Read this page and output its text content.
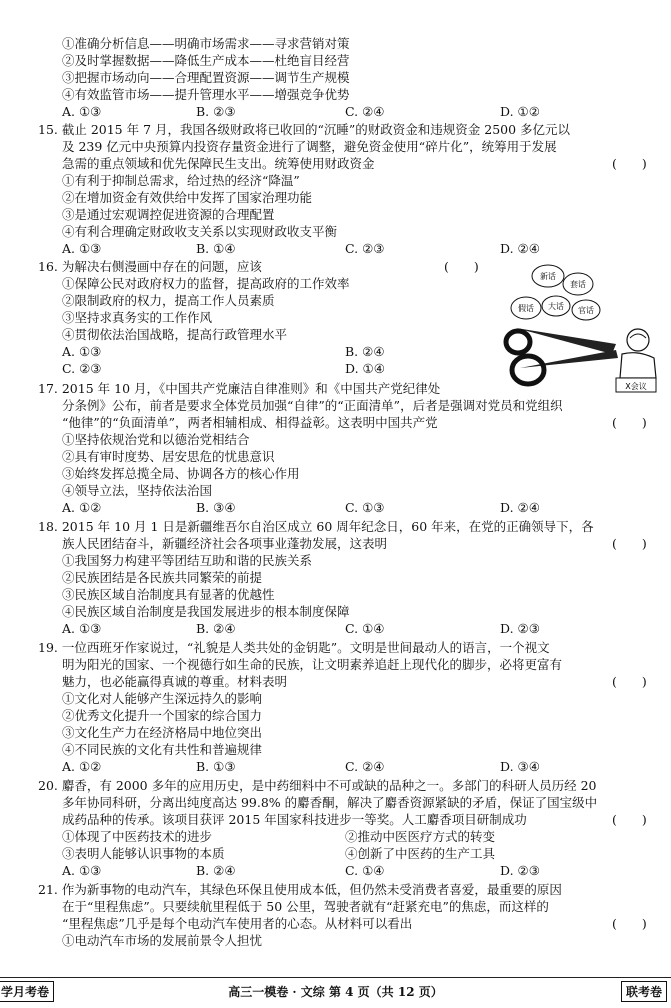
①准确分析信息——明确市场需求——寻求营销对策
②及时掌握数据——降低生产成本——杜绝盲目经营
③把握市场动向——合理配置资源——调节生产规模
④有效监管市场——提升管理水平——增强竞争优势
A. ①③	B. ②③	C. ②④	D. ①②
15. 截止 2015 年 7 月，我国各级财政将已收回的“沉睡”的财政资金和违规资金 2500 多亿元以
及 239 亿元中央预算内投资存量资金进行了调整，避免资金使用“碎片化”，统筹用于发展
急需的重点领域和优先保障民生支出。统筹使用财政资金	(　　)
①有利于抑制总需求，给过热的经济“降温”
②在增加资金有效供给中发挥了国家治理功能
③是通过宏观调控促进资源的合理配置
④有利合理确定财政收支关系以实现财政收支平衡
A. ①③	B. ①④	C. ②③	D. ②④
16. 为解决右侧漫画中存在的问题，应该	(　　)
①保障公民对政府权力的监督，提高政府的工作效率
②限制政府的权力，提高工作人员素质
③坚持求真务实的工作作风
④贯彻依法治国战略，提高行政管理水平
A. ①③	B. ②④
C. ②③	D. ①④
新话
套话
官话
假话 大话
X会议
17. 2015 年 10 月，《中国共产党廉洁自律准则》和《中国共产党纪律处
分条例》公布，前者是要求全体党员加强“自律”的“正面清单”，后者是强调对党员和党组织
“他律”的“负面清单”，两者相辅相成、相得益彰。这表明中国共产党	(　　)
①坚持依规治党和以德治党相结合
②具有审时度势、居安思危的忧患意识
③始终发挥总揽全局、协调各方的核心作用
④领导立法，坚持依法治国
A. ①②	B. ③④	C. ①③	D. ②④
18. 2015 年 10 月 1 日是新疆维吾尔自治区成立 60 周年纪念日，60 年来，在党的正确领导下，各
族人民团结奋斗，新疆经济社会各项事业蓬勃发展，这表明	(　　)
①我国努力构建平等团结互助和谐的民族关系
②民族团结是各民族共同繁荣的前提
③民族区域自治制度具有显著的优越性
④民族区域自治制度是我国发展进步的根本制度保障
A. ①③	B. ②④	C. ①④	D. ②③
19. 一位西班牙作家说过，“礼貌是人类共处的金钥匙”。文明是世间最动人的语言，一个视文
明为阳光的国家、一个视德行如生命的民族，让文明素养追赶上现代化的脚步，必将更富有
魅力，也必能赢得真诚的尊重。材料表明	(　　)
①文化对人能够产生深远持久的影响
②优秀文化提升一个国家的综合国力
③文化生产力在经济格局中地位突出
④不同民族的文化有共性和普遍规律
A. ①②	B. ①③	C. ②④	D. ③④
20. 麝香，有 2000 多年的应用历史，是中药细料中不可或缺的品种之一。多部门的科研人员历经 20
多年协同科研，分离出纯度高达 99.8% 的麝香酮，解决了麝香资源紧缺的矛盾，保证了国宝级中
成药品种的传承。该项目获评 2015 年国家科技进步一等奖。人工麝香项目研制成功	(　　)
①体现了中医药技术的进步	②推动中医医疗方式的转变
③表明人能够认识事物的本质	④创新了中医药的生产工具
A. ①③	B. ②④	C. ①④	D. ②③
21. 作为新事物的电动汽车，其绿色环保且使用成本低，但仍然未受消费者喜爱，最重要的原因
在于“里程焦虑”。只要续航里程低于 50 公里，驾驶者就有“赶紧充电”的焦虑，而这样的
“里程焦虑”几乎是每个电动汽车使用者的心态。从材料可以看出	(　　)
①电动汽车市场的发展前景令人担忧
学月考卷	高三一模卷 · 文综 第 4 页（共 12 页）	联考卷
